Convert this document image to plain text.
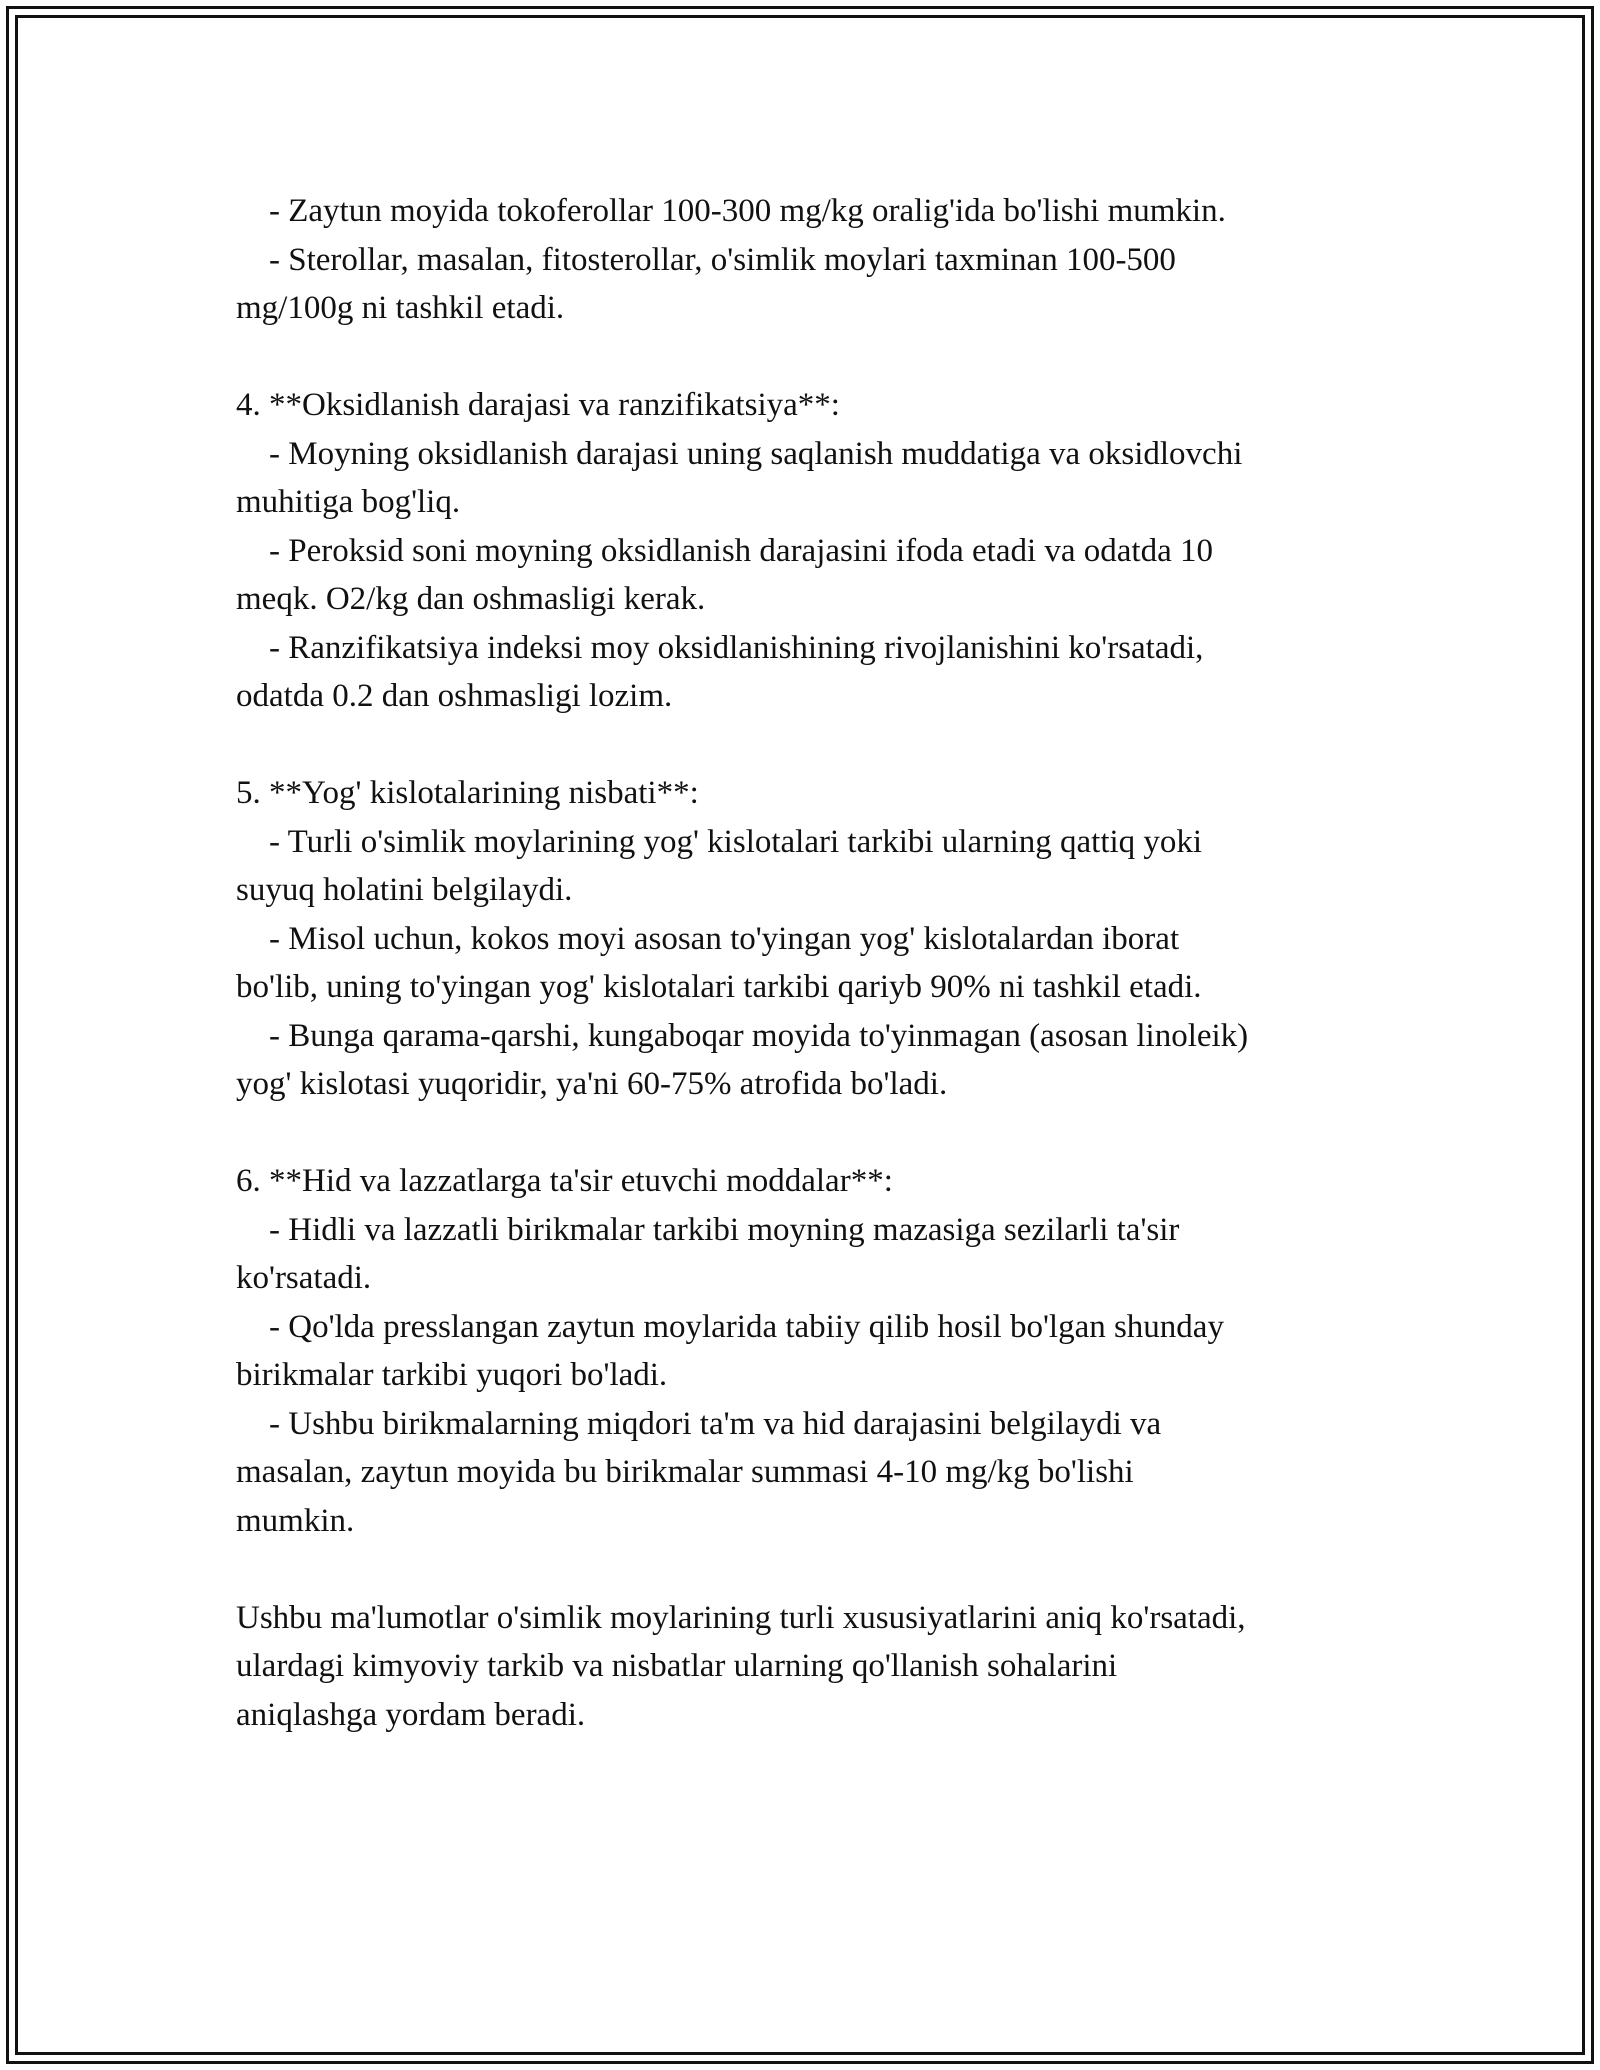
- Zaytun moyida tokoferollar 100-300 mg/kg oralig'ida bo'lishi mumkin.
- Sterollar, masalan, fitosterollar, o'simlik moylari taxminan 100-500
mg/100g ni tashkil etadi.
4. **Oksidlanish darajasi va ranzifikatsiya**:
- Moyning oksidlanish darajasi uning saqlanish muddatiga va oksidlovchi
muhitiga bog'liq.
- Peroksid soni moyning oksidlanish darajasini ifoda etadi va odatda 10
meqk. O2/kg dan oshmasligi kerak.
- Ranzifikatsiya indeksi moy oksidlanishining rivojlanishini ko'rsatadi,
odatda 0.2 dan oshmasligi lozim.
5. **Yog' kislotalarining nisbati**:
- Turli o'simlik moylarining yog' kislotalari tarkibi ularning qattiq yoki
suyuq holatini belgilaydi.
- Misol uchun, kokos moyi asosan to'yingan yog' kislotalardan iborat
bo'lib, uning to'yingan yog' kislotalari tarkibi qariyb 90% ni tashkil etadi.
- Bunga qarama-qarshi, kungaboqar moyida to'yinmagan (asosan linoleik)
yog' kislotasi yuqoridir, ya'ni 60-75% atrofida bo'ladi.
6. **Hid va lazzatlarga ta'sir etuvchi moddalar**:
- Hidli va lazzatli birikmalar tarkibi moyning mazasiga sezilarli ta'sir
ko'rsatadi.
- Qo'lda presslangan zaytun moylarida tabiiy qilib hosil bo'lgan shunday
birikmalar tarkibi yuqori bo'ladi.
- Ushbu birikmalarning miqdori ta'm va hid darajasini belgilaydi va
masalan, zaytun moyida bu birikmalar summasi 4-10 mg/kg bo'lishi
mumkin.
Ushbu ma'lumotlar o'simlik moylarining turli xususiyatlarini aniq ko'rsatadi,
ulardagi kimyoviy tarkib va nisbatlar ularning qo'llanish sohalarini
aniqlashga yordam beradi.
